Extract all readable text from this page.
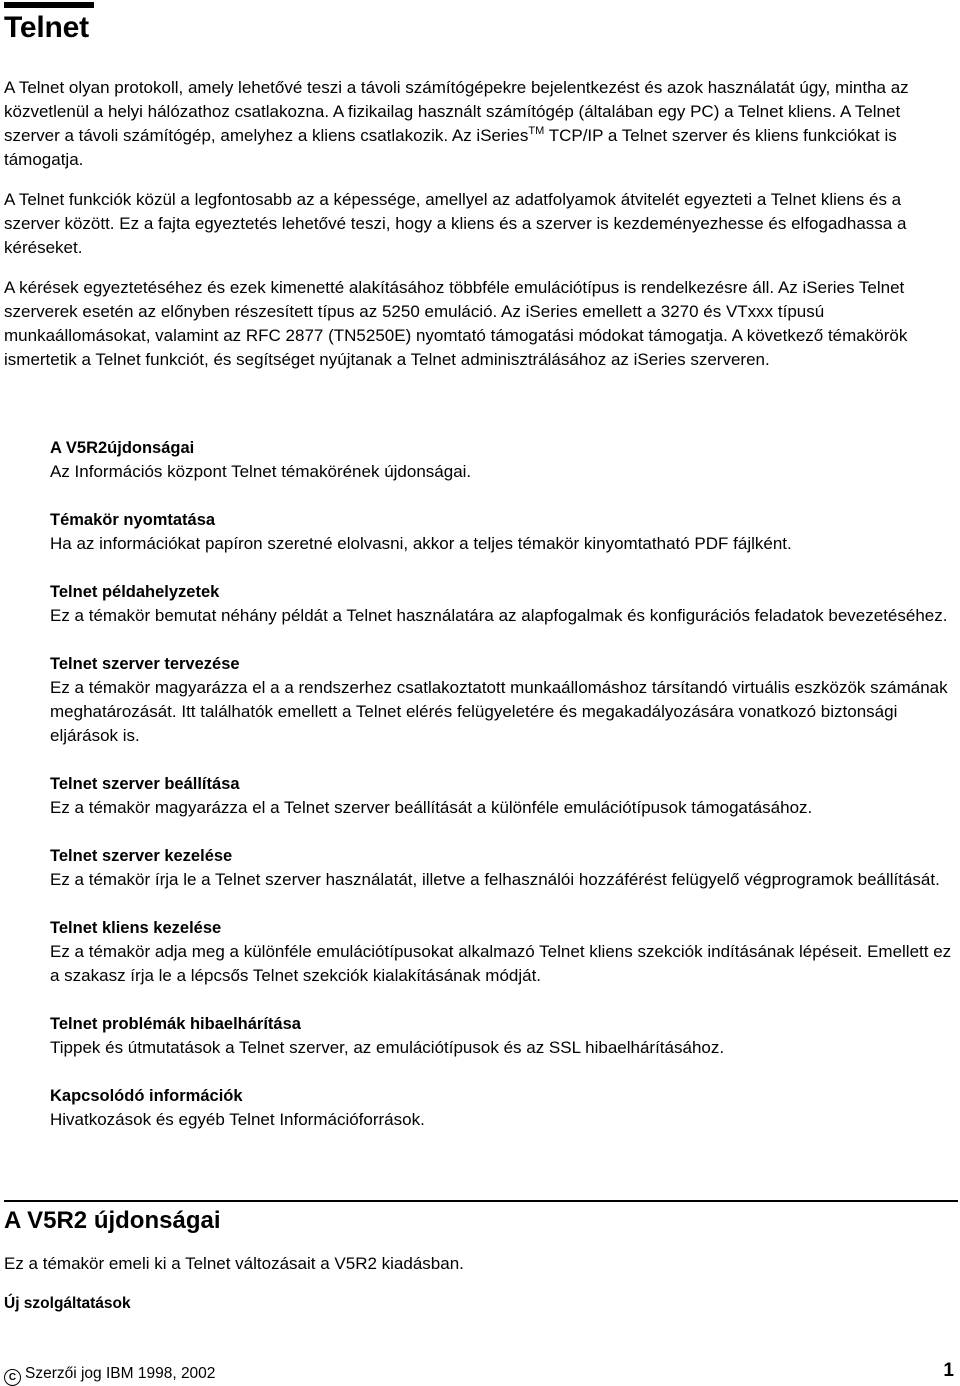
Telnet

A Telnet olyan protokoll, amely lehetővé teszi a távoli számítógépekre bejelentkezést és azok használatát úgy, mintha az közvetlenül a helyi hálózathoz csatlakozna. A fizikailag használt számítógép (általában egy PC) a Telnet kliens. A Telnet szerver a távoli számítógép, amelyhez a kliens csatlakozik. Az iSeries™ TCP/IP a Telnet szerver és kliens funkciókat is támogatja.

A Telnet funkciók közül a legfontosabb az a képessége, amellyel az adatfolyamok átvitelét egyezteti a Telnet kliens és a szerver között. Ez a fajta egyeztetés lehetővé teszi, hogy a kliens és a szerver is kezdeményezhesse és elfogadhassa a kéréseket.

A kérések egyeztetéséhez és ezek kimenetté alakításához többféle emulációtípus is rendelkezésre áll. Az iSeries Telnet szerverek esetén az előnyben részesített típus az 5250 emuláció. Az iSeries emellett a 3270 és VTxxx típusú munkaállomásokat, valamint az RFC 2877 (TN5250E) nyomtató támogatási módokat támogatja. A következő témakörök ismertetik a Telnet funkciót, és segítséget nyújtanak a Telnet adminisztrálásához az iSeries szerveren.

A V5R2újdonságai
Az Információs központ Telnet témakörének újdonságai.
Témakör nyomtatása
Ha az információkat papíron szeretné elolvasni, akkor a teljes témakör kinyomtatható PDF fájlként.
Telnet példahelyzetek
Ez a témakör bemutat néhány példát a Telnet használatára az alapfogalmak és konfigurációs feladatok bevezetéséhez.
Telnet szerver tervezése
Ez a témakör magyarázza el a a rendszerhez csatlakoztatott munkaállomáshoz társítandó virtuális eszközök számának meghatározását. Itt találhatók emellett a Telnet elérés felügyeletére és megakadályozására vonatkozó biztonsági eljárások is.
Telnet szerver beállítása
Ez a témakör magyarázza el a Telnet szerver beállítását a különféle emulációtípusok támogatásához.
Telnet szerver kezelése
Ez a témakör írja le a Telnet szerver használatát, illetve a felhasználói hozzáférést felügyelő végprogramok beállítását.
Telnet kliens kezelése
Ez a témakör adja meg a különféle emulációtípusokat alkalmazó Telnet kliens szekciók indításának lépéseit. Emellett ez a szakasz írja le a lépcsős Telnet szekciók kialakításának módját.
Telnet problémák hibaelhárítása
Tippek és útmutatások a Telnet szerver, az emulációtípusok és az SSL hibaelhárításához.
Kapcsolódó információk
Hivatkozások és egyéb Telnet Információforrások.
A V5R2 újdonságai

Ez a témakör emeli ki a Telnet változásait a V5R2 kiadásban.

Új szolgáltatások
C Szerzői jog IBM 1998, 2002	1
